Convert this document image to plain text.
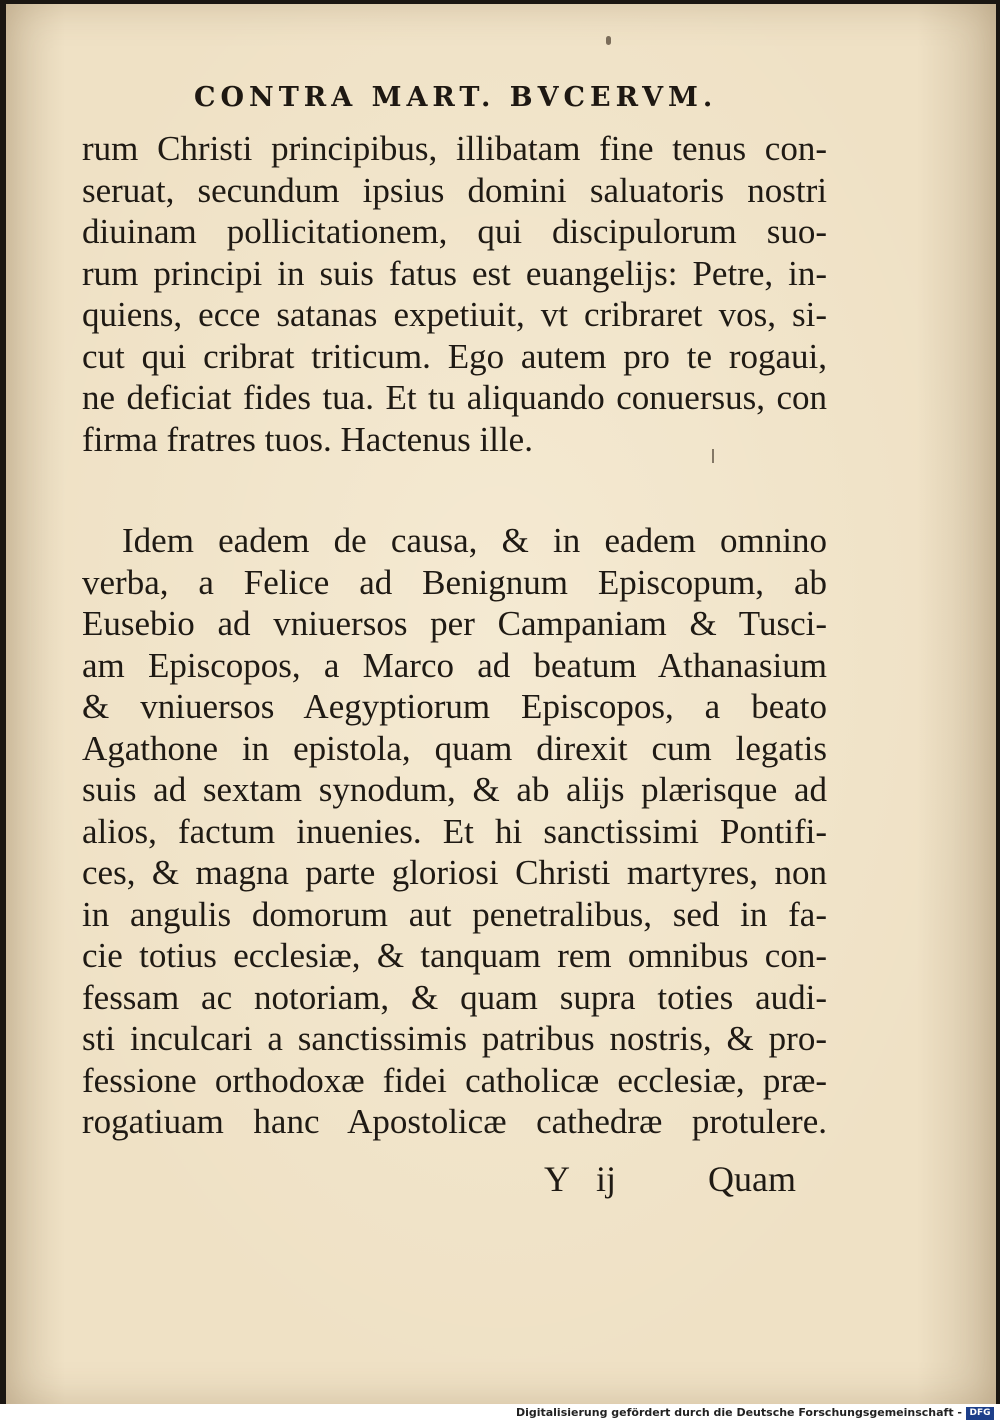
CONTRA MART. BVCERVM.
rum Christi principibus, illibatam fine tenus con-
seruat, secundum ipsius domini saluatoris nostri
diuinam pollicitationem, qui discipulorum suo-
rum principi in suis fatus est euangelijs: Petre, in-
quiens, ecce satanas expetiuit, vt cribraret vos, si-
cut qui cribrat triticum. Ego autem pro te rogaui,
ne deficiat fides tua. Et tu aliquando conuersus, con
firma fratres tuos. Hactenus ille.
Idem eadem de causa, & in eadem omnino
verba, a Felice ad Benignum Episcopum, ab
Eusebio ad vniuersos per Campaniam & Tusci-
am Episcopos, a Marco ad beatum Athanasium
& vniuersos Aegyptiorum Episcopos, a beato
Agathone in epistola, quam direxit cum legatis
suis ad sextam synodum, & ab alijs plærisque ad
alios, factum inuenies. Et hi sanctissimi Pontifi-
ces, & magna parte gloriosi Christi martyres, non
in angulis domorum aut penetralibus, sed in fa-
cie totius ecclesiæ, & tanquam rem omnibus con-
fessam ac notoriam, & quam supra toties audi-
sti inculcari a sanctissimis patribus nostris, & pro-
fessione orthodoxæ fidei catholicæ ecclesiæ, præ-
rogatiuam hanc Apostolicæ cathedræ protulere.
Y ij	Quam
Digitalisierung gefördert durch die Deutsche Forschungsgemeinschaft - DFG
